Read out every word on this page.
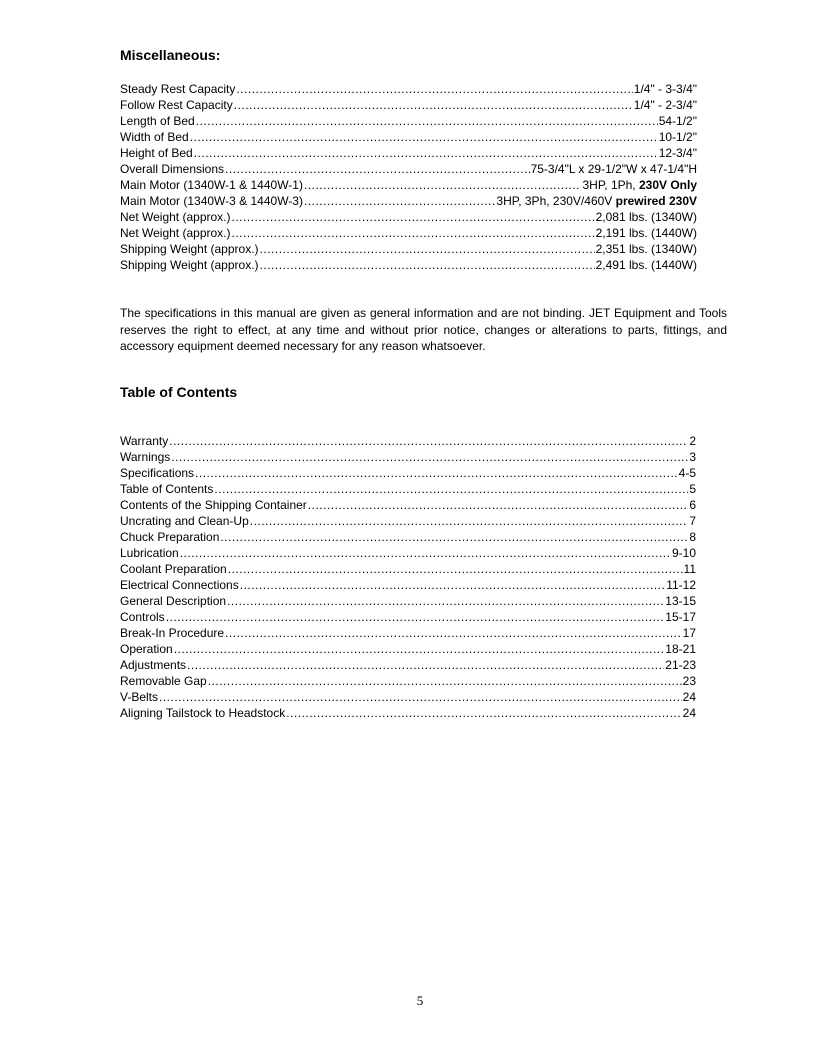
Miscellaneous:
Steady Rest Capacity .....	1/4" - 3-3/4"
Follow Rest Capacity .....	1/4" - 2-3/4"
Length of Bed .....	54-1/2"
Width of Bed .....	10-1/2"
Height of Bed .....	12-3/4"
Overall Dimensions .....	75-3/4"L x 29-1/2"W x 47-1/4"H
Main Motor (1340W-1 & 1440W-1) .....	3HP, 1Ph, 230V Only
Main Motor (1340W-3 & 1440W-3) .....	3HP, 3Ph, 230V/460V prewired 230V
Net Weight (approx.) .....	2,081 lbs. (1340W)
Net Weight (approx.) .....	2,191 lbs. (1440W)
Shipping Weight (approx.) .....	2,351 lbs. (1340W)
Shipping Weight (approx.) .....	2,491 lbs. (1440W)

The specifications in this manual are given as general information and are not binding. JET Equipment and Tools reserves the right to effect, at any time and without prior notice, changes or alterations to parts, fittings, and accessory equipment deemed necessary for any reason whatsoever.

Table of Contents
Warranty .....	2
Warnings .....	3
Specifications .....	4-5
Table of Contents .....	5
Contents of the Shipping Container .....	6
Uncrating and Clean-Up .....	7
Chuck Preparation .....	8
Lubrication .....	9-10
Coolant Preparation .....	11
Electrical Connections .....	11-12
General Description .....	13-15
Controls .....	15-17
Break-In Procedure .....	17
Operation .....	18-21
Adjustments .....	21-23
Removable Gap .....	23
V-Belts .....	24
Aligning Tailstock to Headstock .....	24
5
